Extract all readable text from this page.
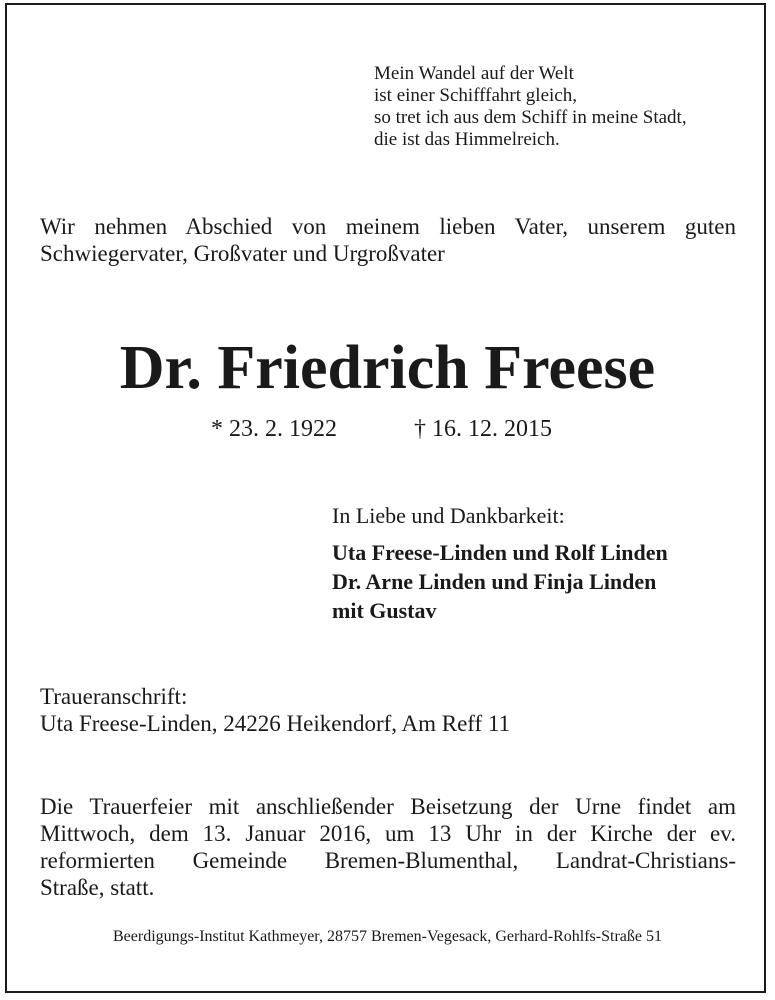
Mein Wandel auf der Welt
ist einer Schifffahrt gleich,
so tret ich aus dem Schiff in meine Stadt,
die ist das Himmelreich.
Wir nehmen Abschied von meinem lieben Vater, unserem guten
Schwiegervater, Großvater und Urgroßvater
Dr. Friedrich Freese
* 23. 2. 1922	† 16. 12. 2015
In Liebe und Dankbarkeit:
Uta Freese-Linden und Rolf Linden
Dr. Arne Linden und Finja Linden
mit Gustav
Traueranschrift:
Uta Freese-Linden, 24226 Heikendorf, Am Reff 11
Die Trauerfeier mit anschließender Beisetzung der Urne findet am
Mittwoch, dem 13. Januar 2016, um 13 Uhr in der Kirche der ev.
reformierten Gemeinde Bremen-Blumenthal, Landrat-Christians-
Straße, statt.
Beerdigungs-Institut Kathmeyer, 28757 Bremen-Vegesack, Gerhard-Rohlfs-Straße 51
